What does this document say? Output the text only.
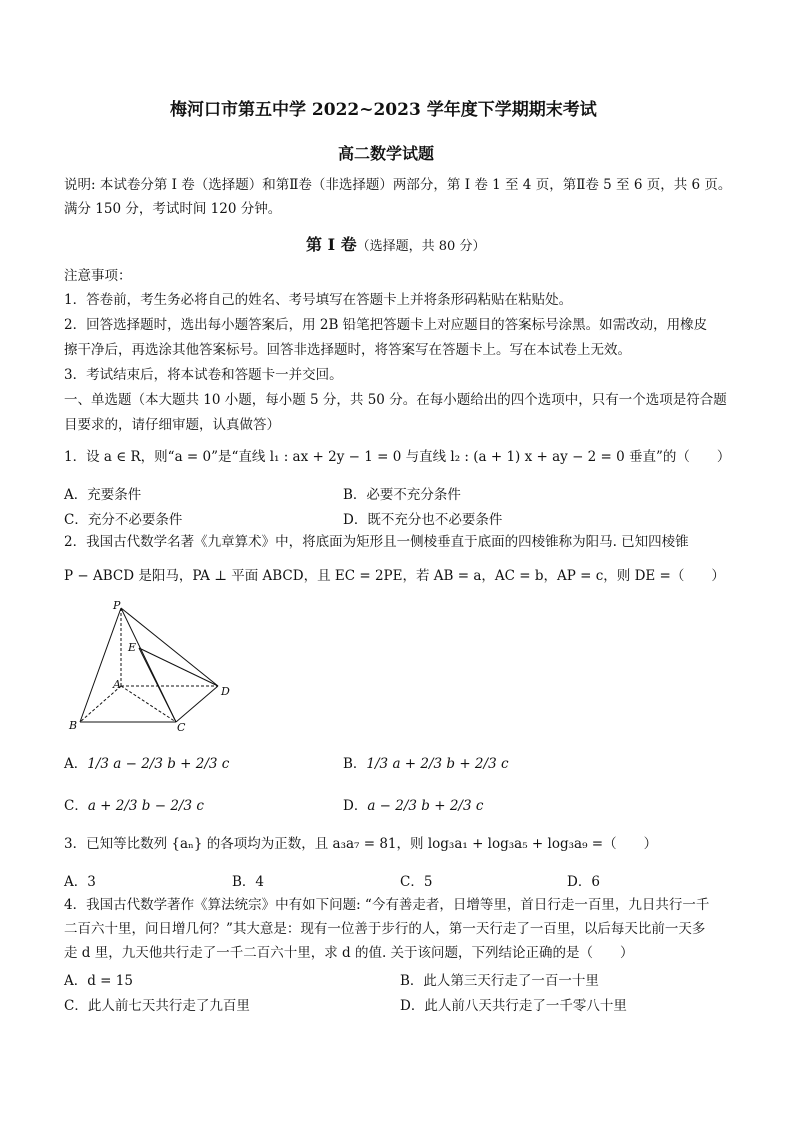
梅河口市第五中学 2022~2023 学年度下学期期末考试
高二数学试题
说明: 本试卷分第 I 卷（选择题）和第Ⅱ卷（非选择题）两部分，第 I 卷 1 至 4 页，第Ⅱ卷 5 至 6 页，共 6 页。
满分 150 分，考试时间 120 分钟。
第 I 卷（选择题，共 80 分）
注意事项：
1．答卷前，考生务必将自己的姓名、考号填写在答题卡上并将条形码粘贴在粘贴处。
2．回答选择题时，选出每小题答案后，用 2B 铅笔把答题卡上对应题目的答案标号涂黑。如需改动，用橡皮
擦干净后，再选涂其他答案标号。回答非选择题时，将答案写在答题卡上。写在本试卷上无效。
3．考试结束后，将本试卷和答题卡一并交回。
一、单选题（本大题共 10 小题，每小题 5 分，共 50 分。在每小题给出的四个选项中，只有一个选项是符合题
目要求的，请仔细审题，认真做答）
1．设 a ∈ R，则“a = 0”是“直线 l₁ : ax + 2y − 1 = 0 与直线 l₂ : (a + 1) x + ay − 2 = 0 垂直”的（　　）
A．充要条件	B．必要不充分条件
C．充分不必要条件	D．既不充分也不必要条件
2．我国古代数学名著《九章算术》中，将底面为矩形且一侧棱垂直于底面的四棱锥称为阳马. 已知四棱锥
P − ABCD 是阳马，PA ⊥ 平面 ABCD，且 EC = 2PE，若 AB = a，AC = b，AP = c，则 DE =（　　）
P
E
A
B	C
D
A．1/3 a − 2/3 b + 2/3 c	B．1/3 a + 2/3 b + 2/3 c
C．a + 2/3 b − 2/3 c	D．a − 2/3 b + 2/3 c
3．已知等比数列 {aₙ} 的各项均为正数，且 a₃a₇ = 81，则 log₃a₁ + log₃a₅ + log₃a₉ =（　　）
A．3	B．4	C．5	D．6
4．我国古代数学著作《算法统宗》中有如下问题: “今有善走者，日增等里，首日行走一百里，九日共行一千
二百六十里，问日增几何？”其大意是：现有一位善于步行的人，第一天行走了一百里，以后每天比前一天多
走 d 里，九天他共行走了一千二百六十里，求 d 的值. 关于该问题，下列结论正确的是（　　）
A．d = 15	B．此人第三天行走了一百一十里
C．此人前七天共行走了九百里	D．此人前八天共行走了一千零八十里
